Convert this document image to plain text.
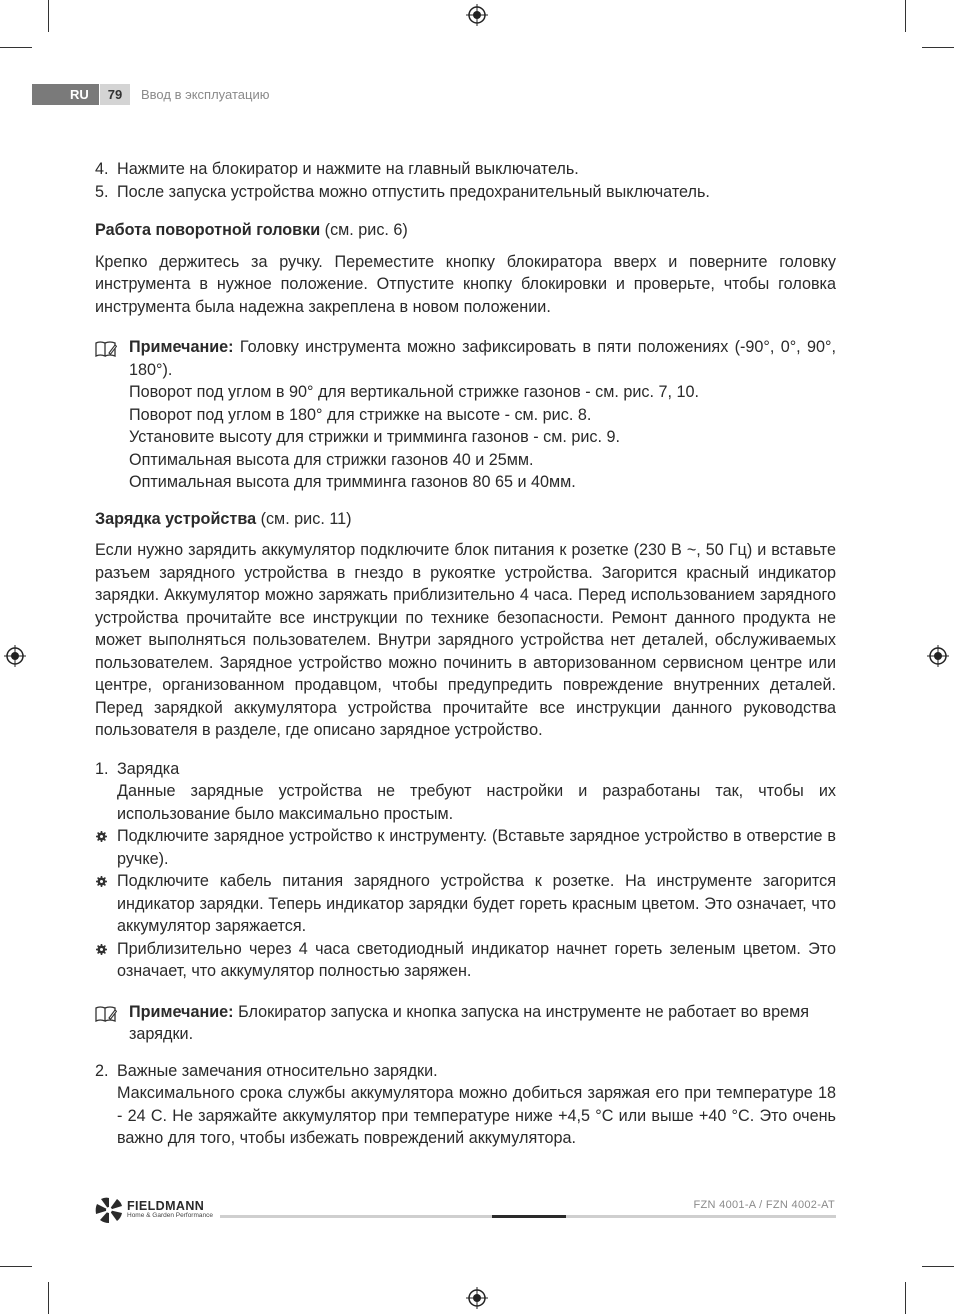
RU	79	Ввод в эксплуатацию
4. Нажмите на блокиратор и нажмите на главный выключатель.
5. После запуска устройства можно отпустить предохранительный выключатель.

Работа поворотной головки (см. рис. 6)

Крепко держитесь за ручку. Переместите кнопку блокиратора вверх и поверните головку инструмента в нужное положение. Отпустите кнопку блокировки и проверьте, чтобы головка инструмента была надежна закреплена в новом положении.

Примечание: Головку инструмента можно зафиксировать в пяти положениях (-90°, 0°, 90°, 180°).

Поворот под углом в 90° для вертикальной стрижке газонов - см. рис. 7, 10.

Поворот под углом в 180° для стрижке на высоте - см. рис. 8.

Установите высоту для стрижки и тримминга газонов - см. рис. 9.

Оптимальная высота для стрижки газонов 40 и 25мм.

Оптимальная высота для тримминга газонов 80 65 и 40мм.

Зарядка устройства (см. рис. 11)

Если нужно зарядить аккумулятор подключите блок питания к розетке (230 В ~, 50 Гц) и вставьте разъем зарядного устройства в гнездо в рукоятке устройства. Загорится красный индикатор зарядки. Аккумулятор можно заряжать приблизительно 4 часа. Перед использованием зарядного устройства прочитайте все инструкции по технике безопасности. Ремонт данного продукта не может выполняться пользователем. Внутри зарядного устройства нет деталей, обслуживаемых пользователем. Зарядное устройство можно починить в авторизованном сервисном центре или центре, организованном продавцом, чтобы предупредить повреждение внутренних деталей. Перед зарядкой аккумулятора устройства прочитайте все инструкции данного руководства пользователя в разделе, где описано зарядное устройство.

1. Зарядка

Данные зарядные устройства не требуют настройки и разработаны так, чтобы их использование было максимально простым.

Подключите зарядное устройство к инструменту. (Вставьте зарядное устройство в отверстие в ручке).
Подключите кабель питания зарядного устройства к розетке. На инструменте загорится индикатор зарядки. Теперь индикатор зарядки будет гореть красным цветом. Это означает, что аккумулятор заряжается.
Приблизительно через 4 часа светодиодный индикатор начнет гореть зеленым цветом. Это означает, что аккумулятор полностью заряжен.

Примечание: Блокиратор запуска и кнопка запуска на инструменте не работает во время зарядки.

2. Важные замечания относительно зарядки.

Максимального срока службы аккумулятора можно добиться заряжая его при температуре 18 - 24 C. Не заряжайте аккумулятор при температуре ниже +4,5 °C или выше +40 °C. Это очень важно для того, чтобы избежать повреждений аккумулятора.

FIELDMANN
Home & Garden Performance
FZN 4001-A / FZN 4002-AT
